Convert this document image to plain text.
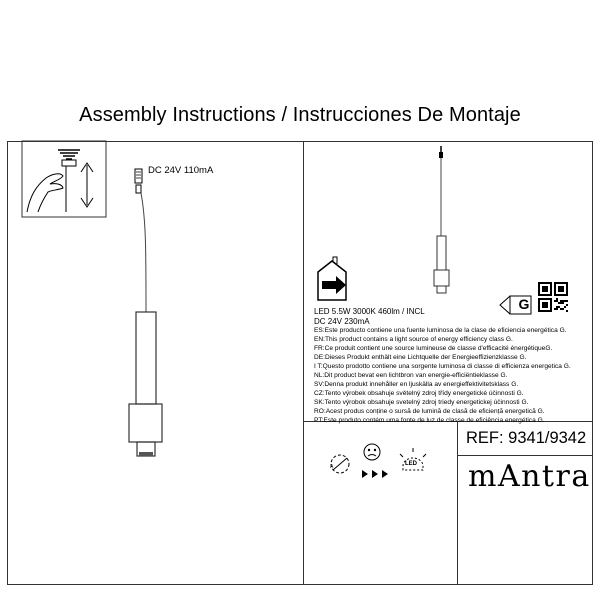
Assembly Instructions / Instrucciones De Montaje
DC 24V 110mA
G
LED 5.5W 3000K 460lm / INCL
DC 24V 230mA
ES:Este producto contiene una fuente luminosa de la clase de eficiencia energética G.
EN:This product contains a light source of energy efficiency class G.
FR:Ce produit contient une source lumineuse de classe d'efficacité énergétiqueG.
DE:Dieses Produkt enthält eine Lichtquelle der Energieeffizienzklasse G.
I T:Questo prodotto contiene una sorgente luminosa di classe di efficienza energetica G.
NL:Dit product bevat een lichtbron van energie-efficiëntieklasse G.
SV:Denna produkt innehåller en ljuskälla av energieffektivitetsklass G.
CZ:Tento výrobek obsahuje světelný zdroj třídy energetické účinnosti G.
SK:Tento výrobok obsahuje svetelný zdroj triedy energetickej účinnosti G.
RO:Acest produs conține o sursă de lumină de clasă de eficiență energetică G.
PT:Este produto contém uma fonte de luz de classe de eficiência energética G.
A	LED
REF: 9341/9342
mAntra
